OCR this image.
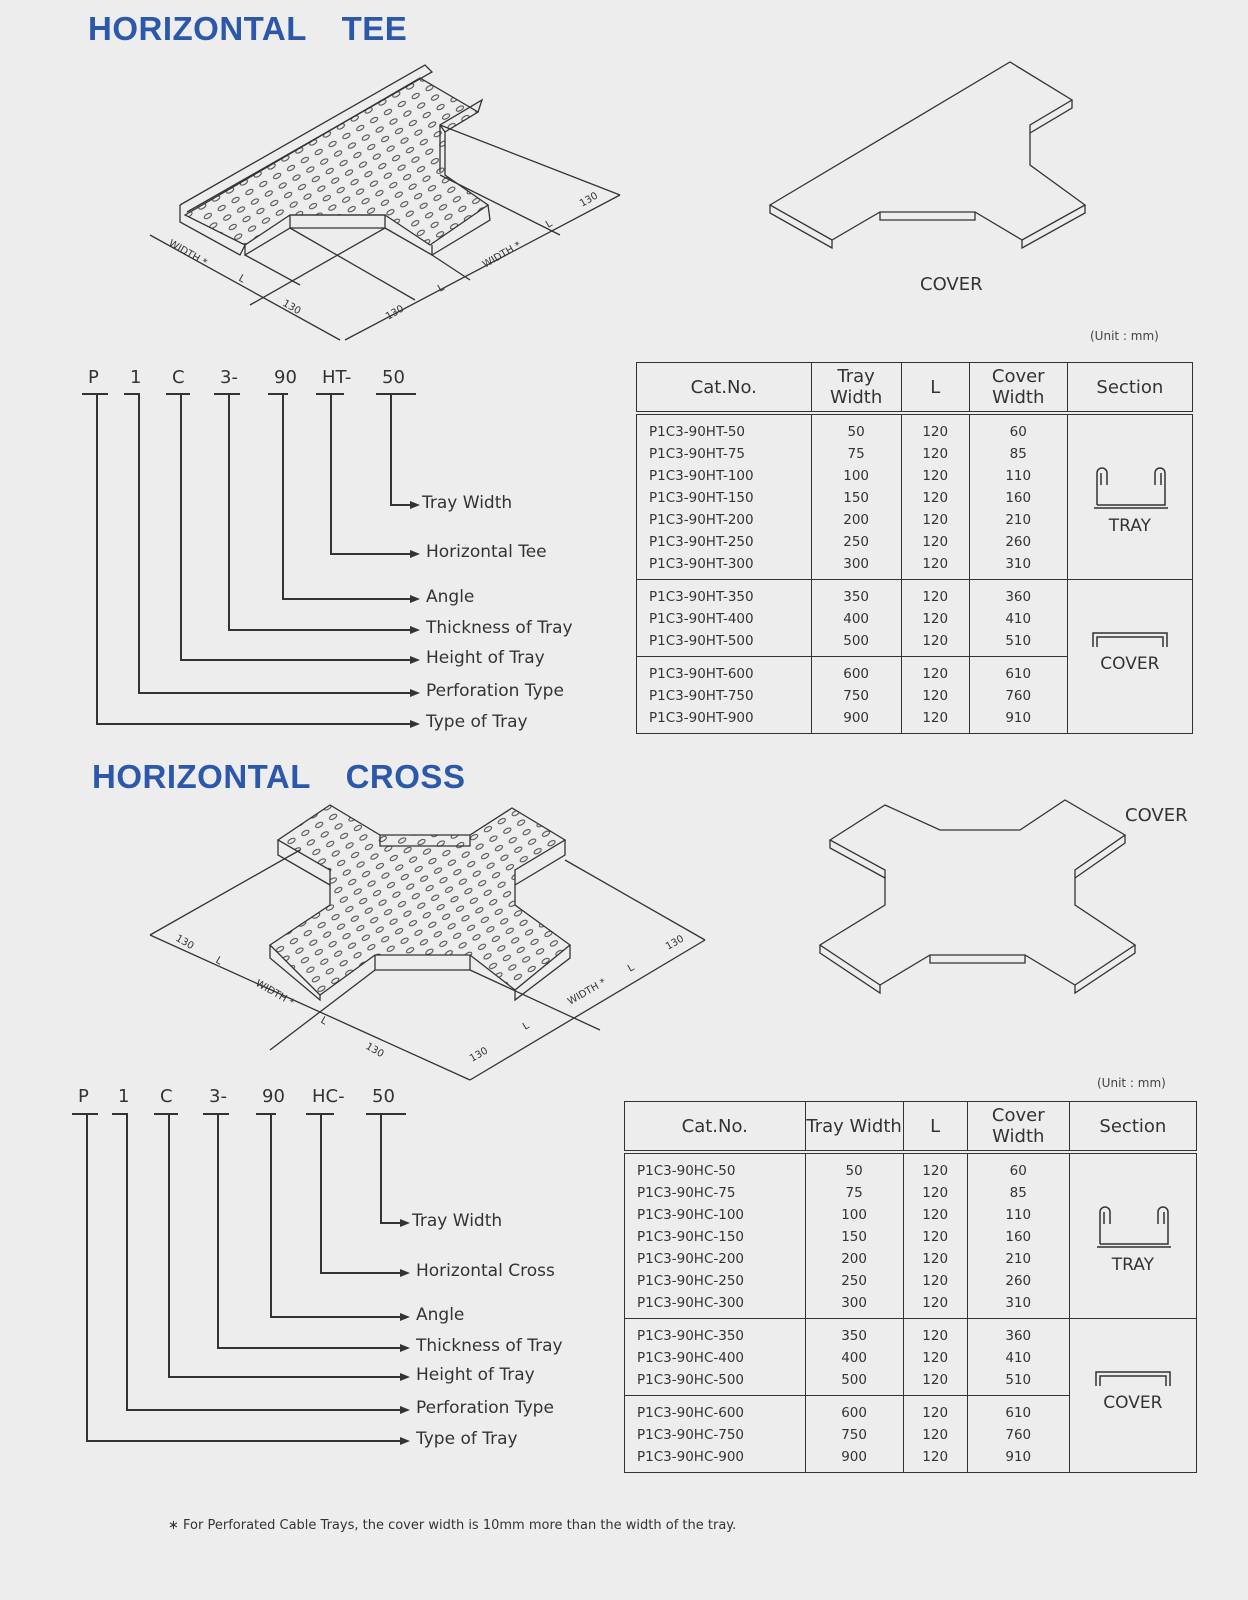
HORIZONTAL  TEE
WIDTH *
L
130	130
L
WIDTH *
L
130
COVER
(Unit : mm)
P 1 C 3- 90 HT- 50
Tray Width
Horizontal Tee
Angle
Thickness of Tray
Height of Tray
Perforation Type
Type of Tray
Cat.No.	Tray Width	L	Cover Width	Section
P1C3-90HT-50	50	120	60	TRAY

P1C3-90HT-75	75	120	85	
P1C3-90HT-100	100	120	110	
P1C3-90HT-150	150	120	160	
P1C3-90HT-200	200	120	210	
P1C3-90HT-250	250	120	260	
P1C3-90HT-300	300	120	310	
P1C3-90HT-350	350	120	360	COVER

P1C3-90HT-400	400	120	410	
P1C3-90HT-500	500	120	510	
P1C3-90HT-600	600	120	610	
P1C3-90HT-750	750	120	760	
P1C3-90HT-900	900	120	910	
HORIZONTAL  CROSS
130
L
WIDTH *
L
130	130
L
WIDTH *
L
130
COVER
(Unit : mm)
P 1 C 3- 90 HC- 50
Tray Width
Horizontal Cross
Angle
Thickness of Tray
Height of Tray
Perforation Type
Type of Tray
Cat.No.	Tray Width	L	Cover Width	Section
P1C3-90HC-50	50	120	60	TRAY

P1C3-90HC-75	75	120	85	
P1C3-90HC-100	100	120	110	
P1C3-90HC-150	150	120	160	
P1C3-90HC-200	200	120	210	
P1C3-90HC-250	250	120	260	
P1C3-90HC-300	300	120	310	
P1C3-90HC-350	350	120	360	COVER

P1C3-90HC-400	400	120	410	
P1C3-90HC-500	500	120	510	
P1C3-90HC-600	600	120	610	
P1C3-90HC-750	750	120	760	
P1C3-90HC-900	900	120	910	
∗ For Perforated Cable Trays, the cover width is 10mm more than the width of the tray.
